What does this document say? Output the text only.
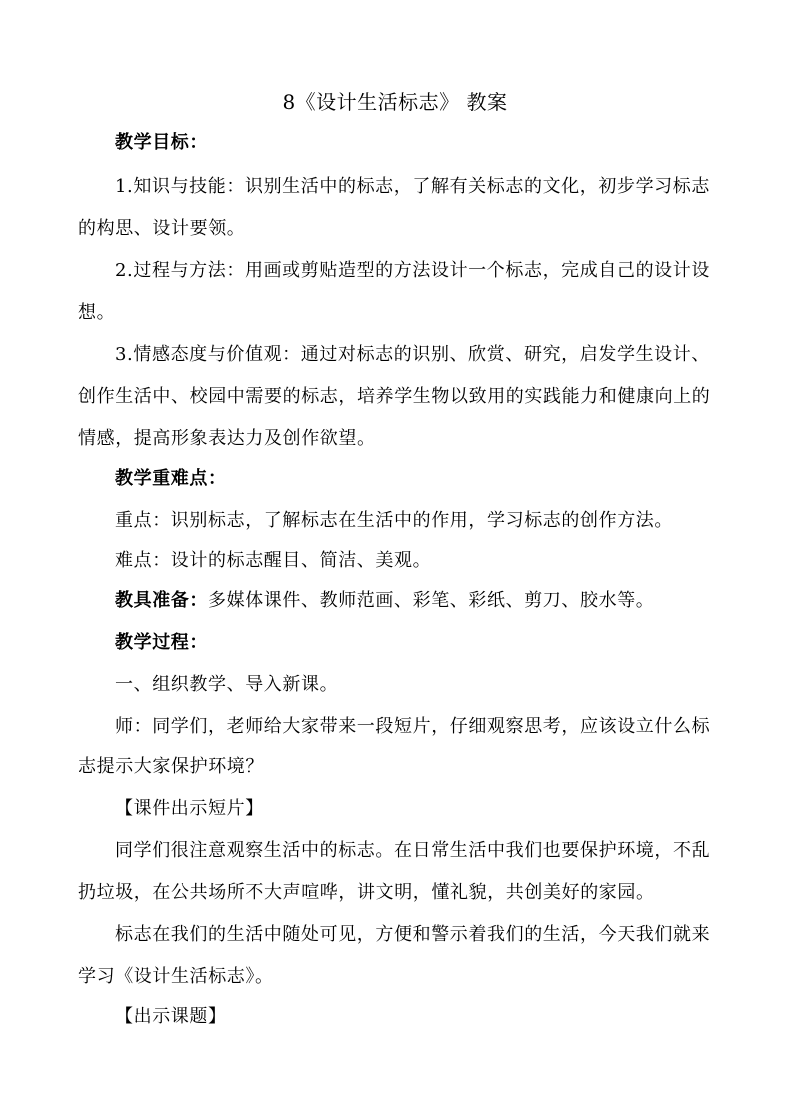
8《设计生活标志》 教案
教学目标：
1.知识与技能：识别生活中的标志，了解有关标志的文化，初步学习标志
的构思、设计要领。
2.过程与方法：用画或剪贴造型的方法设计一个标志，完成自己的设计设
想。
3.情感态度与价值观：通过对标志的识别、欣赏、研究，启发学生设计、
创作生活中、校园中需要的标志，培养学生物以致用的实践能力和健康向上的
情感，提高形象表达力及创作欲望。
教学重难点：
重点：识别标志，了解标志在生活中的作用，学习标志的创作方法。
难点：设计的标志醒目、简洁、美观。
教具准备：多媒体课件、教师范画、彩笔、彩纸、剪刀、胶水等。
教学过程：
一、组织教学、导入新课。
师：同学们，老师给大家带来一段短片，仔细观察思考，应该设立什么标
志提示大家保护环境？
【课件出示短片】
同学们很注意观察生活中的标志。在日常生活中我们也要保护环境，不乱
扔垃圾，在公共场所不大声喧哗，讲文明，懂礼貌，共创美好的家园。
标志在我们的生活中随处可见，方便和警示着我们的生活，今天我们就来
学习《设计生活标志》。
【出示课题】
